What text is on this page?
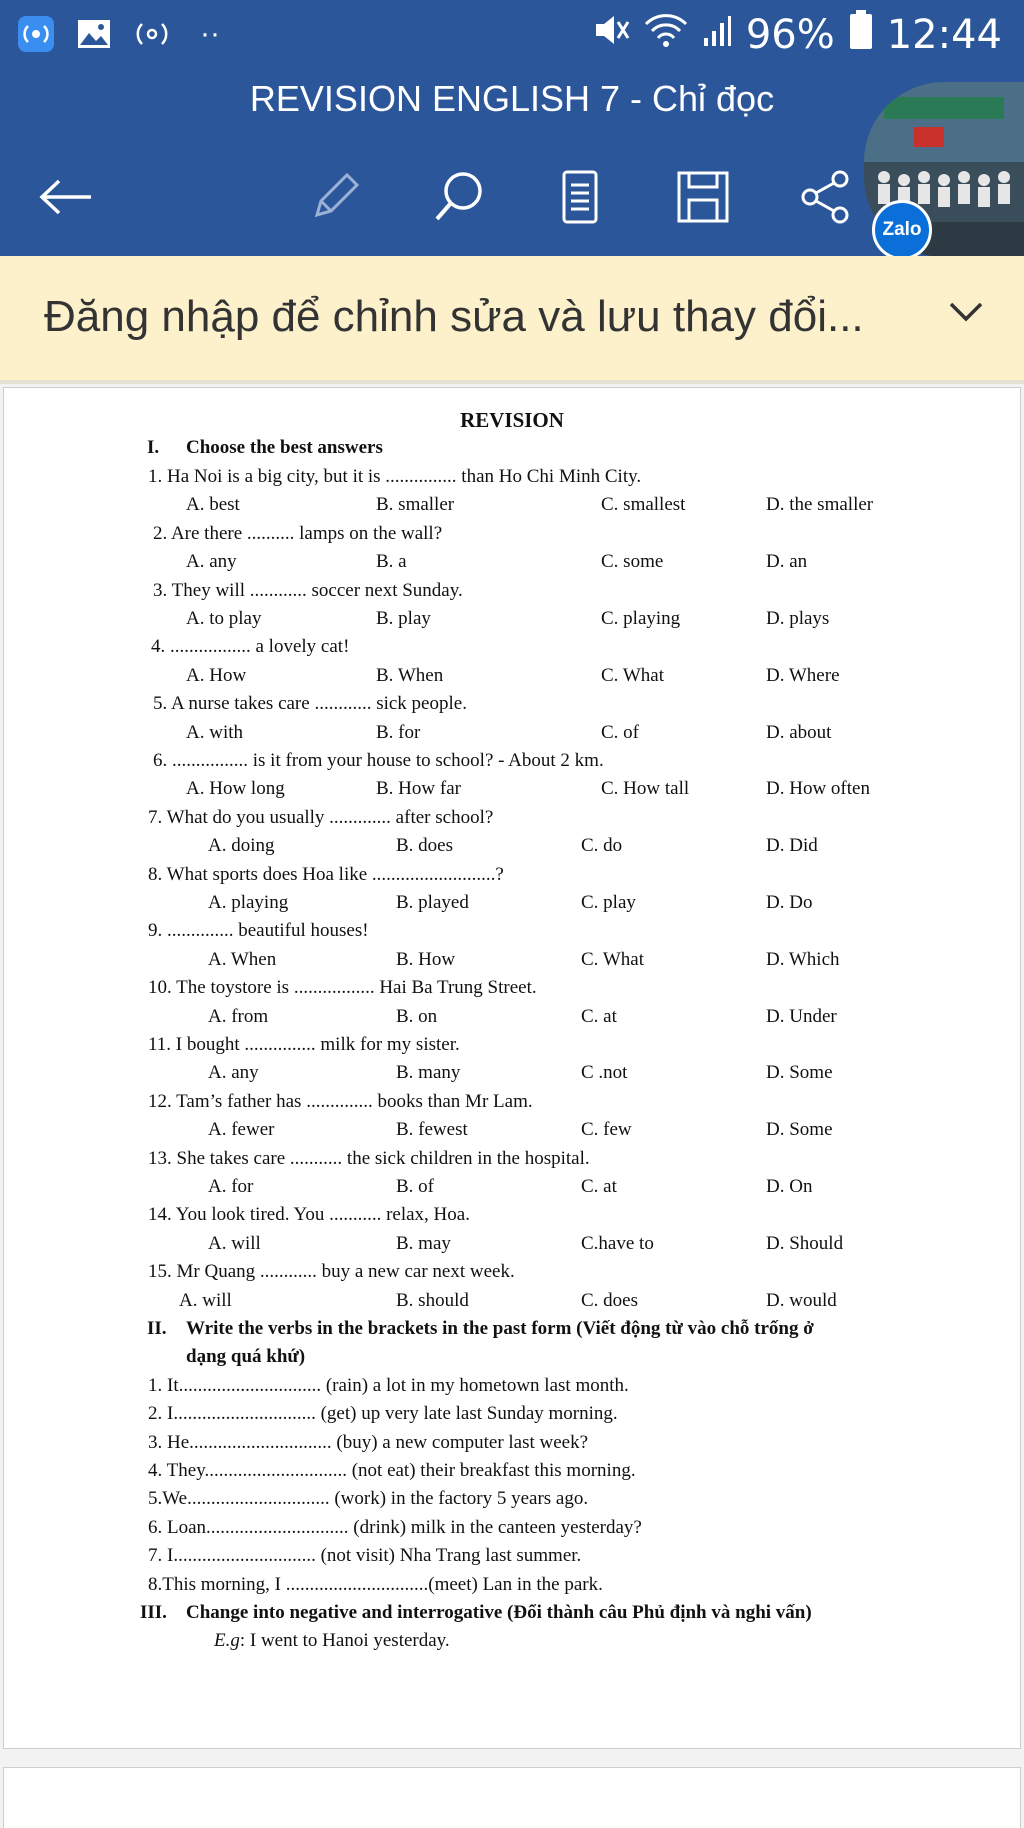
··	96% 12:44
REVISION ENGLISH 7 - Chỉ đọc
Zalo
Đăng nhập để chỉnh sửa và lưu thay đổi...
REVISION
I. Choose the best answers
1. Ha Noi is a big city, but it is ............... than Ho Chi Minh City.
A. best	B. smaller	C. smallest	D. the smaller
2. Are there .......... lamps on the wall?
A. any	B. a	C. some	D. an
3. They will ............ soccer next Sunday.
A. to play	B. play	C. playing	D. plays
4. ................. a lovely cat!
A. How	B. When	C. What	D. Where
5. A nurse takes care ............ sick people.
A. with	B. for	C. of	D. about
6. ................ is it from your house to school? - About 2 km.
A. How long	B. How far	C. How tall	D. How often
7. What do you usually ............. after school?
A. doing	B. does	C. do	D. Did
8. What sports does Hoa like ..........................?
A. playing	B. played	C. play	D. Do
9. .............. beautiful houses!
A. When	B. How	C. What	D. Which
10. The toystore is ................. Hai Ba Trung Street.
A. from	B. on	C. at	D. Under
11. I bought ............... milk for my sister.
A. any	B. many	C .not	D. Some
12. Tam’s father has .............. books than Mr Lam.
A. fewer	B. fewest	C. few	D. Some
13. She takes care ........... the sick children in the hospital.
A. for	B. of	C. at	D. On
14. You look tired. You ........... relax, Hoa.
A. will	B. may	C.have to	D. Should
15. Mr Quang ............ buy a new car next week.
A. will	B. should	C. does	D. would
II. Write the verbs in the brackets in the past form (Viết động từ vào chỗ trống ở
dạng quá khứ)
1. It.............................. (rain) a lot in my hometown last month.
2. I.............................. (get) up very late last Sunday morning.
3. He.............................. (buy) a new computer last week?
4. They.............................. (not eat) their breakfast this morning.
5.We.............................. (work) in the factory 5 years ago.
6. Loan.............................. (drink) milk in the canteen yesterday?
7. I.............................. (not visit) Nha Trang last summer.
8.This morning, I ..............................(meet) Lan in the park.
III. Change into negative and interrogative (Đổi thành câu Phủ định và nghi vấn)
E.g: I went to Hanoi yesterday.
